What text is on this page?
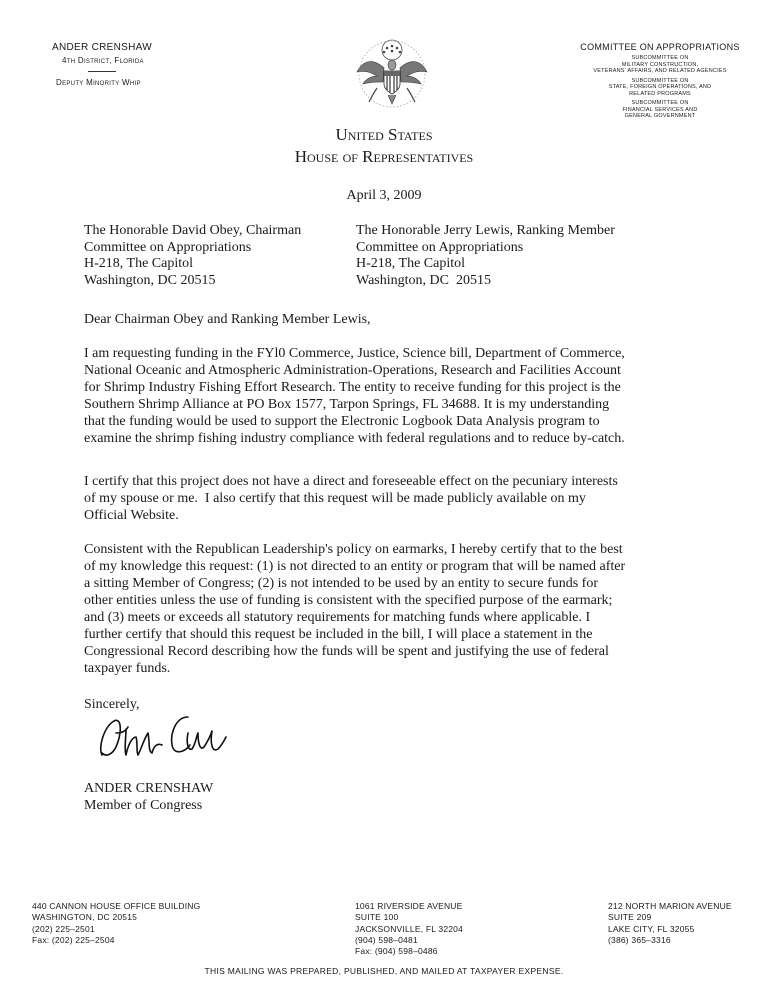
ANDER CRENSHAW
4th District, Florida
Deputy Minority Whip
COMMITTEE ON APPROPRIATIONS
SUBCOMMITTEE ON
MILITARY CONSTRUCTION,
VETERANS' AFFAIRS, AND RELATED AGENCIES
SUBCOMMITTEE ON
STATE, FOREIGN OPERATIONS, AND
RELATED PROGRAMS
SUBCOMMITTEE ON
FINANCIAL SERVICES AND
GENERAL GOVERNMENT
United States
House of Representatives
April 3, 2009
The Honorable David Obey, Chairman
Committee on Appropriations
H-218, The Capitol
Washington, DC 20515
The Honorable Jerry Lewis, Ranking Member
Committee on Appropriations
H-218, The Capitol
Washington, DC  20515
Dear Chairman Obey and Ranking Member Lewis,
I am requesting funding in the FYl0 Commerce, Justice, Science bill, Department of Commerce,
National Oceanic and Atmospheric Administration-Operations, Research and Facilities Account
for Shrimp Industry Fishing Effort Research. The entity to receive funding for this project is the
Southern Shrimp Alliance at PO Box 1577, Tarpon Springs, FL 34688. It is my understanding
that the funding would be used to support the Electronic Logbook Data Analysis program to
examine the shrimp fishing industry compliance with federal regulations and to reduce by-catch.
I certify that this project does not have a direct and foreseeable effect on the pecuniary interests
of my spouse or me.  I also certify that this request will be made publicly available on my
Official Website.
Consistent with the Republican Leadership's policy on earmarks, I hereby certify that to the best
of my knowledge this request: (1) is not directed to an entity or program that will be named after
a sitting Member of Congress; (2) is not intended to be used by an entity to secure funds for
other entities unless the use of funding is consistent with the specified purpose of the earmark;
and (3) meets or exceeds all statutory requirements for matching funds where applicable. I
further certify that should this request be included in the bill, I will place a statement in the
Congressional Record describing how the funds will be spent and justifying the use of federal
taxpayer funds.
Sincerely,
ANDER CRENSHAW
Member of Congress
440 CANNON HOUSE OFFICE BUILDING
WASHINGTON, DC 20515
(202) 225–2501
Fax: (202) 225–2504
1061 RIVERSIDE AVENUE
SUITE 100
JACKSONVILLE, FL 32204
(904) 598–0481
Fax: (904) 598–0486
212 NORTH MARION AVENUE
SUITE 209
LAKE CITY, FL 32055
(386) 365–3316
THIS MAILING WAS PREPARED, PUBLISHED, AND MAILED AT TAXPAYER EXPENSE.
